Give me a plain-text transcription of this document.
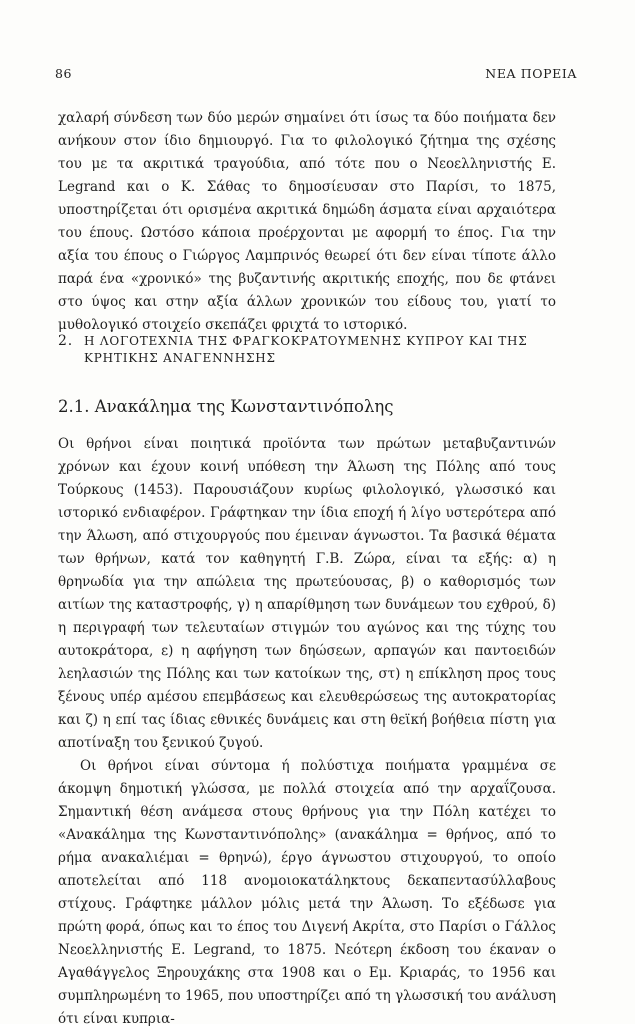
86	ΝΕΑ ΠΟΡΕΙΑ

χαλαρή σύνδεση των δύο μερών σημαίνει ότι ίσως τα δύο ποιήματα δεν ανήκουν στον ίδιο δημιουργό. Για το φιλολογικό ζήτημα της σχέσης του με τα ακριτικά τραγούδια, από τότε που ο Νεοελληνιστής Ε. Legrand και ο Κ. Σάθας το δημοσίευσαν στο Παρίσι, το 1875, υποστηρίζεται ότι ορισμένα ακριτικά δημώδη άσματα είναι αρχαιότερα του έπους. Ωστόσο κάποια προέρχονται με αφορμή το έπος. Για την αξία του έπους ο Γιώργος Λαμπρινός θεωρεί ότι δεν είναι τίποτε άλλο παρά ένα «χρονικό» της βυζαντινής ακριτικής εποχής, που δε φτάνει στο ύψος και στην αξία άλλων χρονικών του είδους του, γιατί το μυθολογικό στοιχείο σκεπάζει φριχτά το ιστορικό.

2. Η ΛΟΓΟΤΕΧΝΙΑ ΤΗΣ ΦΡΑΓΚΟΚΡΑΤΟΥΜΕΝΗΣ ΚΥΠΡΟΥ ΚΑΙ ΤΗΣ ΚΡΗΤΙΚΗΣ ΑΝΑΓΕΝΝΗΣΗΣ
2.1. Ανακάλημα της Κωνσταντινόπολης

Οι θρήνοι είναι ποιητικά προϊόντα των πρώτων μεταβυζαντινών χρόνων και έχουν κοινή υπόθεση την Άλωση της Πόλης από τους Τούρκους (1453). Παρουσιάζουν κυρίως φιλολογικό, γλωσσικό και ιστορικό ενδιαφέρον. Γράφτηκαν την ίδια εποχή ή λίγο υστερότερα από την Άλωση, από στιχουργούς που έμειναν άγνωστοι. Τα βασικά θέματα των θρήνων, κατά τον καθηγητή Γ.Β. Ζώρα, είναι τα εξής: α) η θρηνωδία για την απώλεια της πρωτεύουσας, β) ο καθορισμός των αιτίων της καταστροφής, γ) η απαρίθμηση των δυνάμεων του εχθρού, δ) η περιγραφή των τελευταίων στιγμών του αγώνος και της τύχης του αυτοκράτορα, ε) η αφήγηση των δηώσεων, αρπαγών και παντοειδών λεηλασιών της Πόλης και των κατοίκων της, στ) η επίκληση προς τους ξένους υπέρ αμέσου επεμβάσεως και ελευθερώσεως της αυτοκρατορίας και ζ) η επί τας ίδιας εθνικές δυνάμεις και στη θεϊκή βοήθεια πίστη για αποτίναξη του ξενικού ζυγού.

Οι θρήνοι είναι σύντομα ή πολύστιχα ποιήματα γραμμένα σε άκομψη δημοτική γλώσσα, με πολλά στοιχεία από την αρχαΐζουσα. Σημαντική θέση ανάμεσα στους θρήνους για την Πόλη κατέχει το «Ανακάλημα της Κωνσταντινόπολης» (ανακάλημα = θρήνος, από το ρήμα ανακαλιέμαι = θρηνώ), έργο άγνωστου στιχουργού, το οποίο αποτελείται από 118 ανομοιοκατάληκτους δεκαπεντασύλλαβους στίχους. Γράφτηκε μάλλον μόλις μετά την Άλωση. Το εξέδωσε για πρώτη φορά, όπως και το έπος του Διγενή Ακρίτα, στο Παρίσι ο Γάλλος Νεοελληνιστής Ε. Legrand, το 1875. Νεότερη έκδοση του έκαναν ο Αγαθάγγελος Ξηρουχάκης στα 1908 και ο Εμ. Κριαράς, το 1956 και συμπληρωμένη το 1965, που υποστηρίζει από τη γλωσσική του ανάλυση ότι είναι κυπρια-
